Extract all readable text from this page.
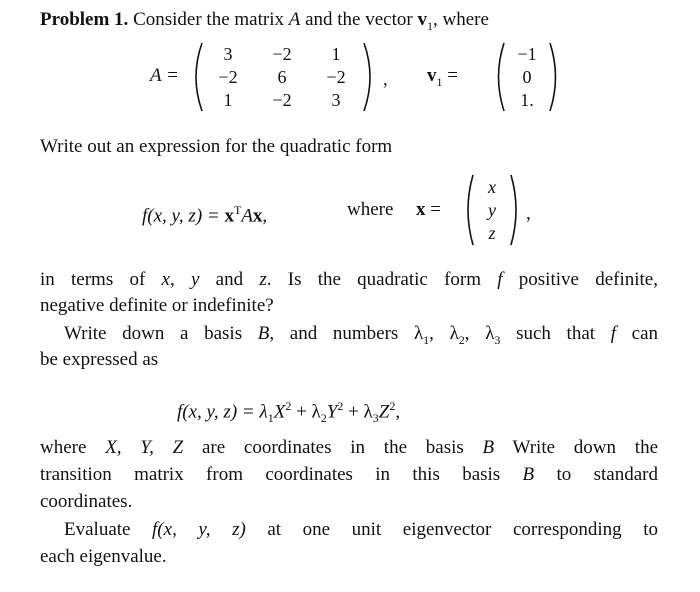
Problem 1. Consider the matrix A and the vector $v_1$, where
A =
3	−2	1
−2	6	−2
1	−2	3
, $v_1$ =
−1
0
1.
Write out an expression for the quadratic form
f(x, y, $z) = x^TAx$,	where x =
x
y
z
,
in terms of x, y and z. Is the quadratic form f positive definite,
negative definite or indefinite?
Write down a basis B, and numbers $\lambda_1$, $\lambda_2$, $\lambda_3$ such that f can
be expressed as
f(x, y, $z) = \lambda_1X^2 + \lambda_2Y^2 + \lambda_3Z^2$,
where X, Y, Z are coordinates in the basis B Write down the
transition matrix from coordinates in this basis B to standard
coordinates.
Evaluate f(x, y, z) at one unit eigenvector corresponding to
each eigenvalue.
